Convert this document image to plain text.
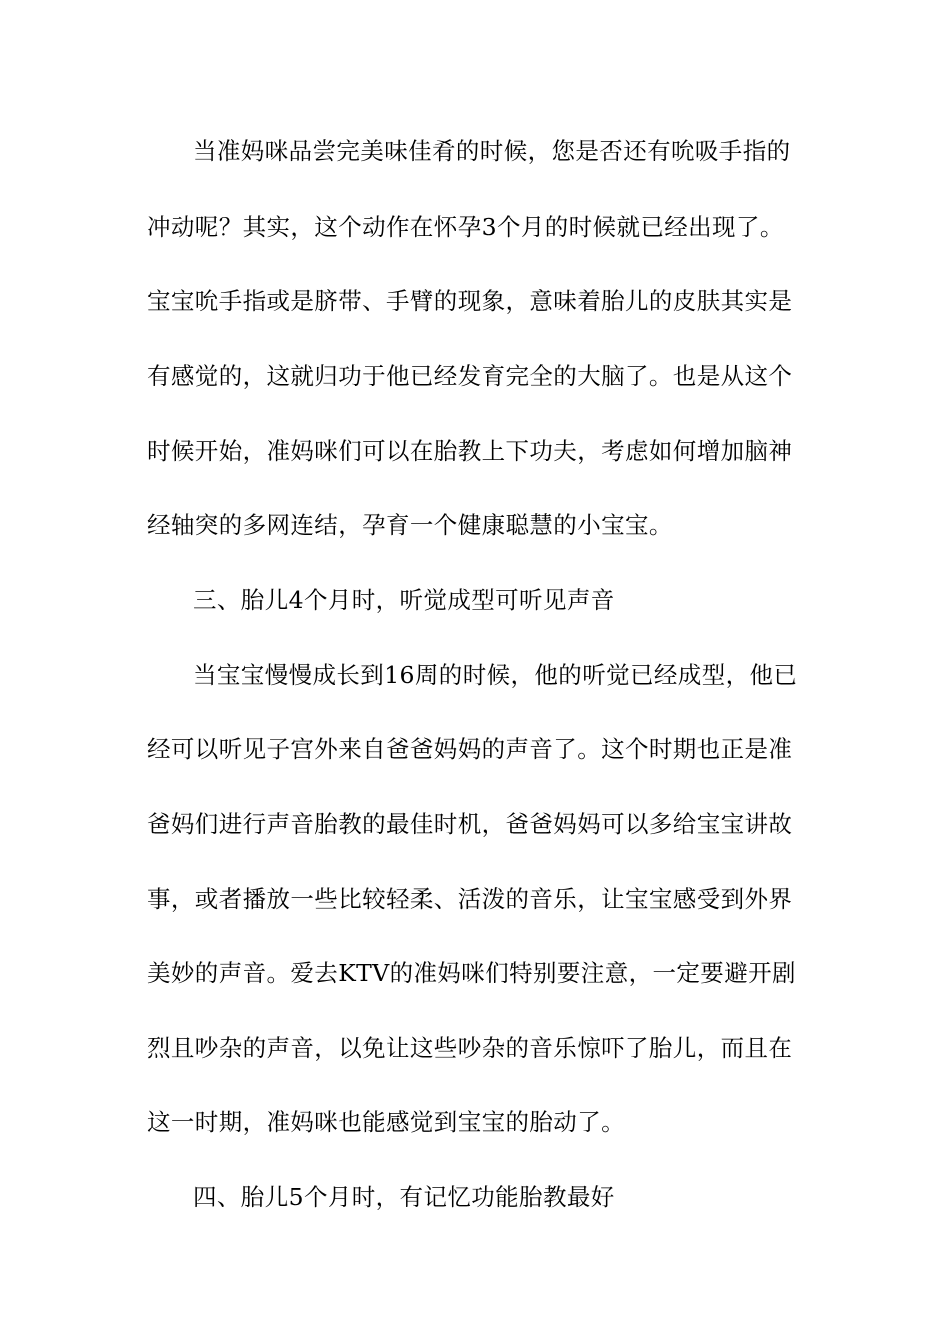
当准妈咪品尝完美味佳肴的时候，您是否还有吮吸手指的
冲动呢？其实，这个动作在怀孕3个月的时候就已经出现了。
宝宝吮手指或是脐带、手臂的现象，意味着胎儿的皮肤其实是
有感觉的，这就归功于他已经发育完全的大脑了。也是从这个
时候开始，准妈咪们可以在胎教上下功夫，考虑如何增加脑神
经轴突的多网连结，孕育一个健康聪慧的小宝宝。
三、胎儿4个月时，听觉成型可听见声音
当宝宝慢慢成长到16周的时候，他的听觉已经成型，他已
经可以听见子宫外来自爸爸妈妈的声音了。这个时期也正是准
爸妈们进行声音胎教的最佳时机，爸爸妈妈可以多给宝宝讲故
事，或者播放一些比较轻柔、活泼的音乐，让宝宝感受到外界
美妙的声音。爱去KTV的准妈咪们特别要注意，一定要避开剧
烈且吵杂的声音，以免让这些吵杂的音乐惊吓了胎儿，而且在
这一时期，准妈咪也能感觉到宝宝的胎动了。
四、胎儿5个月时，有记忆功能胎教最好
